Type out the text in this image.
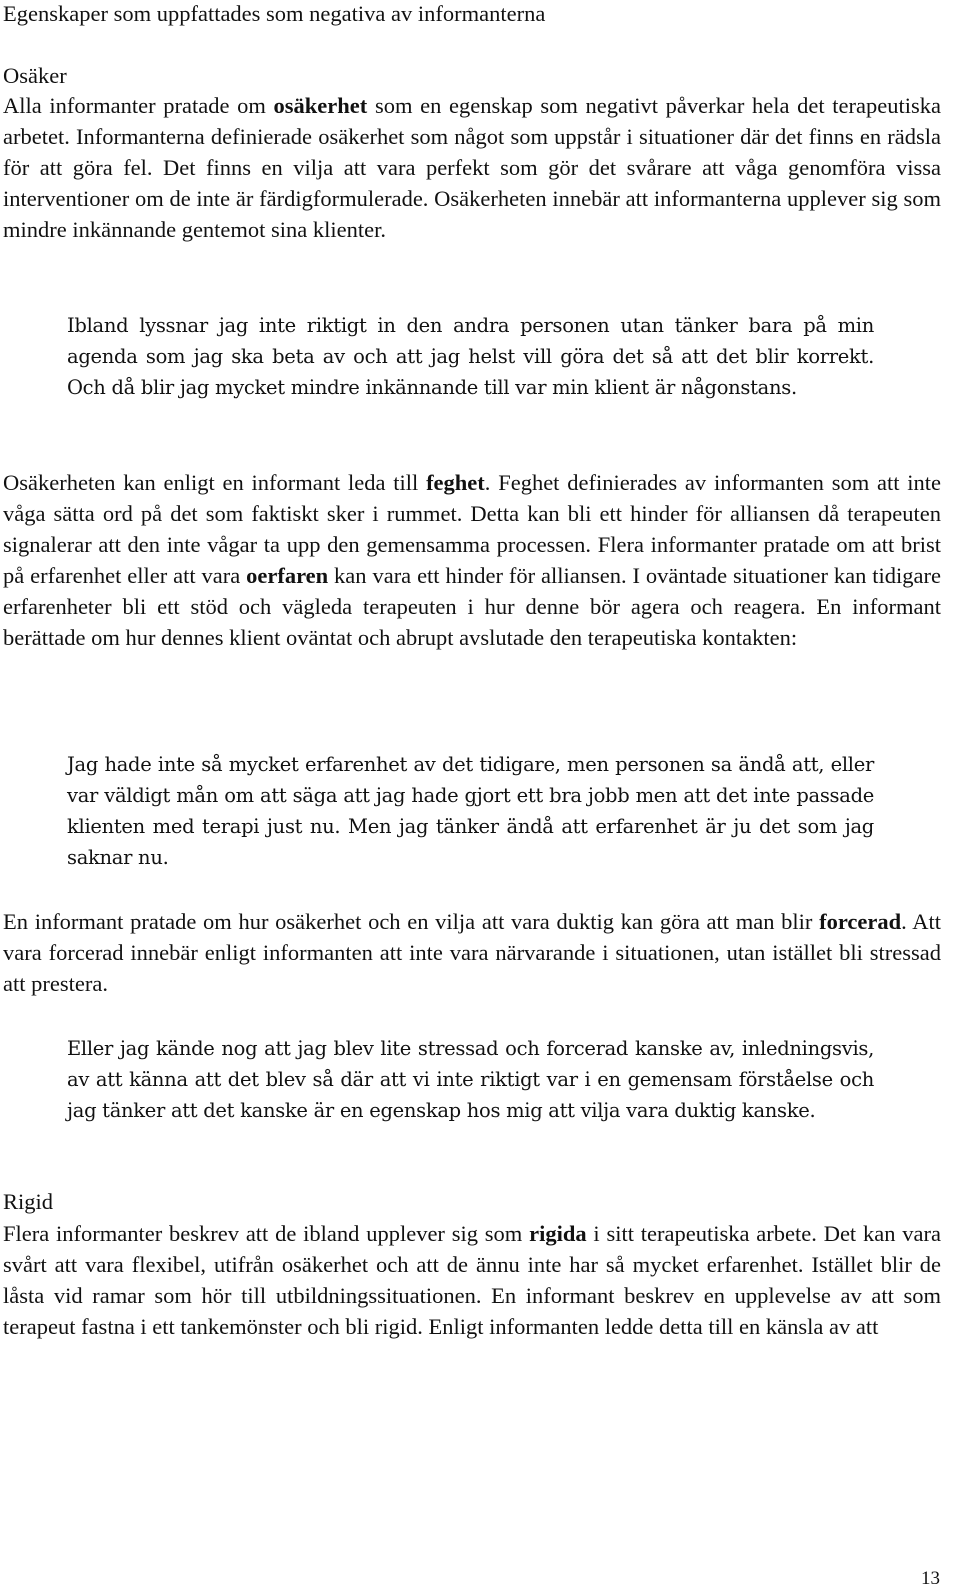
Egenskaper som uppfattades som negativa av informanterna
Osäker

Alla informanter pratade om osäkerhet som en egenskap som negativt påverkar hela det terapeutiska arbetet. Informanterna definierade osäkerhet som något som uppstår i situationer där det finns en rädsla för att göra fel. Det finns en vilja att vara perfekt som gör det svårare att våga genomföra vissa interventioner om de inte är färdigformulerade. Osäkerheten innebär att informanterna upplever sig som mindre inkännande gentemot sina klienter.

Ibland lyssnar jag inte riktigt in den andra personen utan tänker bara på min agenda som jag ska beta av och att jag helst vill göra det så att det blir korrekt. Och då blir jag mycket mindre inkännande till var min klient är någonstans.

Osäkerheten kan enligt en informant leda till feghet. Feghet definierades av informanten som att inte våga sätta ord på det som faktiskt sker i rummet. Detta kan bli ett hinder för alliansen då terapeuten signalerar att den inte vågar ta upp den gemensamma processen. Flera informanter pratade om att brist på erfarenhet eller att vara oerfaren kan vara ett hinder för alliansen. I oväntade situationer kan tidigare erfarenheter bli ett stöd och vägleda terapeuten i hur denne bör agera och reagera. En informant berättade om hur dennes klient oväntat och abrupt avslutade den terapeutiska kontakten:

Jag hade inte så mycket erfarenhet av det tidigare, men personen sa ändå att, eller var väldigt mån om att säga att jag hade gjort ett bra jobb men att det inte passade klienten med terapi just nu. Men jag tänker ändå att erfarenhet är ju det som jag saknar nu.

En informant pratade om hur osäkerhet och en vilja att vara duktig kan göra att man blir forcerad. Att vara forcerad innebär enligt informanten att inte vara närvarande i situationen, utan istället bli stressad att prestera.

Eller jag kände nog att jag blev lite stressad och forcerad kanske av, inledningsvis, av att känna att det blev så där att vi inte riktigt var i en gemensam förståelse och jag tänker att det kanske är en egenskap hos mig att vilja vara duktig kanske.

Rigid

Flera informanter beskrev att de ibland upplever sig som rigida i sitt terapeutiska arbete. Det kan vara svårt att vara flexibel, utifrån osäkerhet och att de ännu inte har så mycket erfarenhet. Istället blir de låsta vid ramar som hör till utbildningssituationen. En informant beskrev en upplevelse av att som terapeut fastna i ett tankemönster och bli rigid. Enligt informanten ledde detta till en känsla av att

13
